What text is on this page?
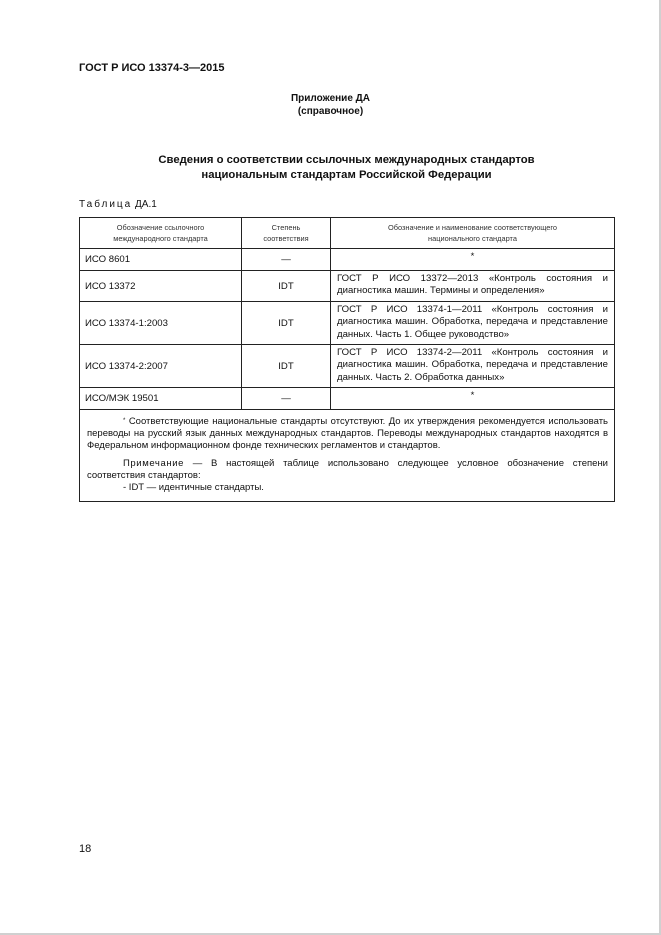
ГОСТ Р ИСО 13374-3—2015
Приложение ДА
(справочное)
Сведения о соответствии ссылочных международных стандартов
национальным стандартам Российской Федерации
Таблица ДА.1
Обозначение ссылочного международного стандарта	Степень соответствия	Обозначение и наименование соответствующего национального стандарта

ИСО 8601	—	*
ИСО 13372	IDT	ГОСТ Р ИСО 13372—2013 «Контроль состояния и диагностика машин. Термины и определения»
ИСО 13374-1:2003	IDT	ГОСТ Р ИСО 13374-1—2011 «Контроль состояния и диагностика машин. Обработка, передача и представление данных. Часть 1. Общее руководство»
ИСО 13374-2:2007	IDT	ГОСТ Р ИСО 13374-2—2011 «Контроль состояния и диагностика машин. Обработка, передача и представление данных. Часть 2. Обработка данных»
ИСО/МЭК 19501	—	*

* Соответствующие национальные стандарты отсутствуют. До их утверждения рекомендуется использовать переводы на русский язык данных международных стандартов. Переводы международных стандартов находятся в Федеральном информационном фонде технических регламентов и стандартов.

Примечание — В настоящей таблице использовано следующее условное обозначение степени соответствия стандартов:

- IDT — идентичные стандарты.		
18
